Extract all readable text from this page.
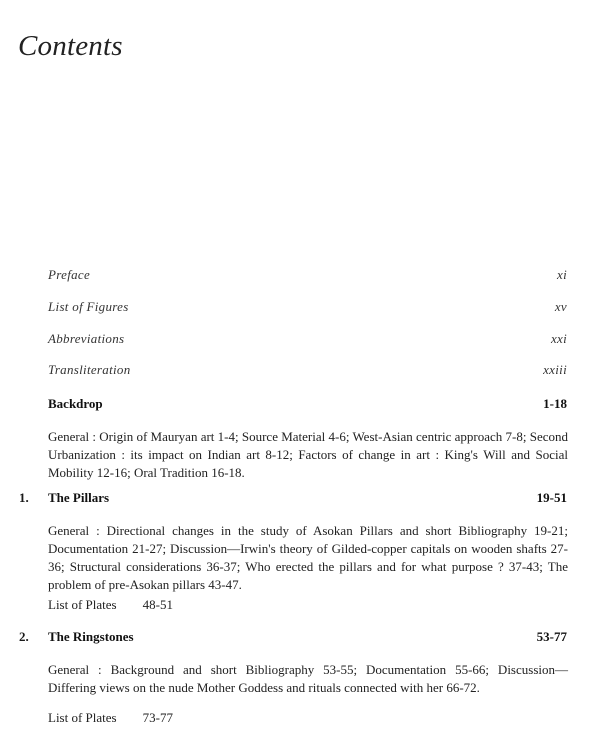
Contents
Preface	xi
List of Figures	xv
Abbreviations	xxi
Transliteration	xxiii
Backdrop	1-18
General : Origin of Mauryan art 1-4; Source Material 4-6; West-Asian centric approach 7-8; Second Urbanization : its impact on Indian art 8-12; Factors of change in art : King's Will and Social Mobility 12-16; Oral Tradition 16-18.
1. The Pillars	19-51
General : Directional changes in the study of Asokan Pillars and short Bibliography 19-21; Documentation 21-27; Discussion—Irwin's theory of Gilded-copper capitals on wooden shafts 27-36; Structural considerations 36-37; Who erected the pillars and for what purpose ? 37-43; The problem of pre-Asokan pillars 43-47.
List of Plates 48-51
2. The Ringstones	53-77
General : Background and short Bibliography 53-55; Documentation 55-66; Discussion— Differing views on the nude Mother Goddess and rituals connected with her 66-72.
List of Plates 73-77
